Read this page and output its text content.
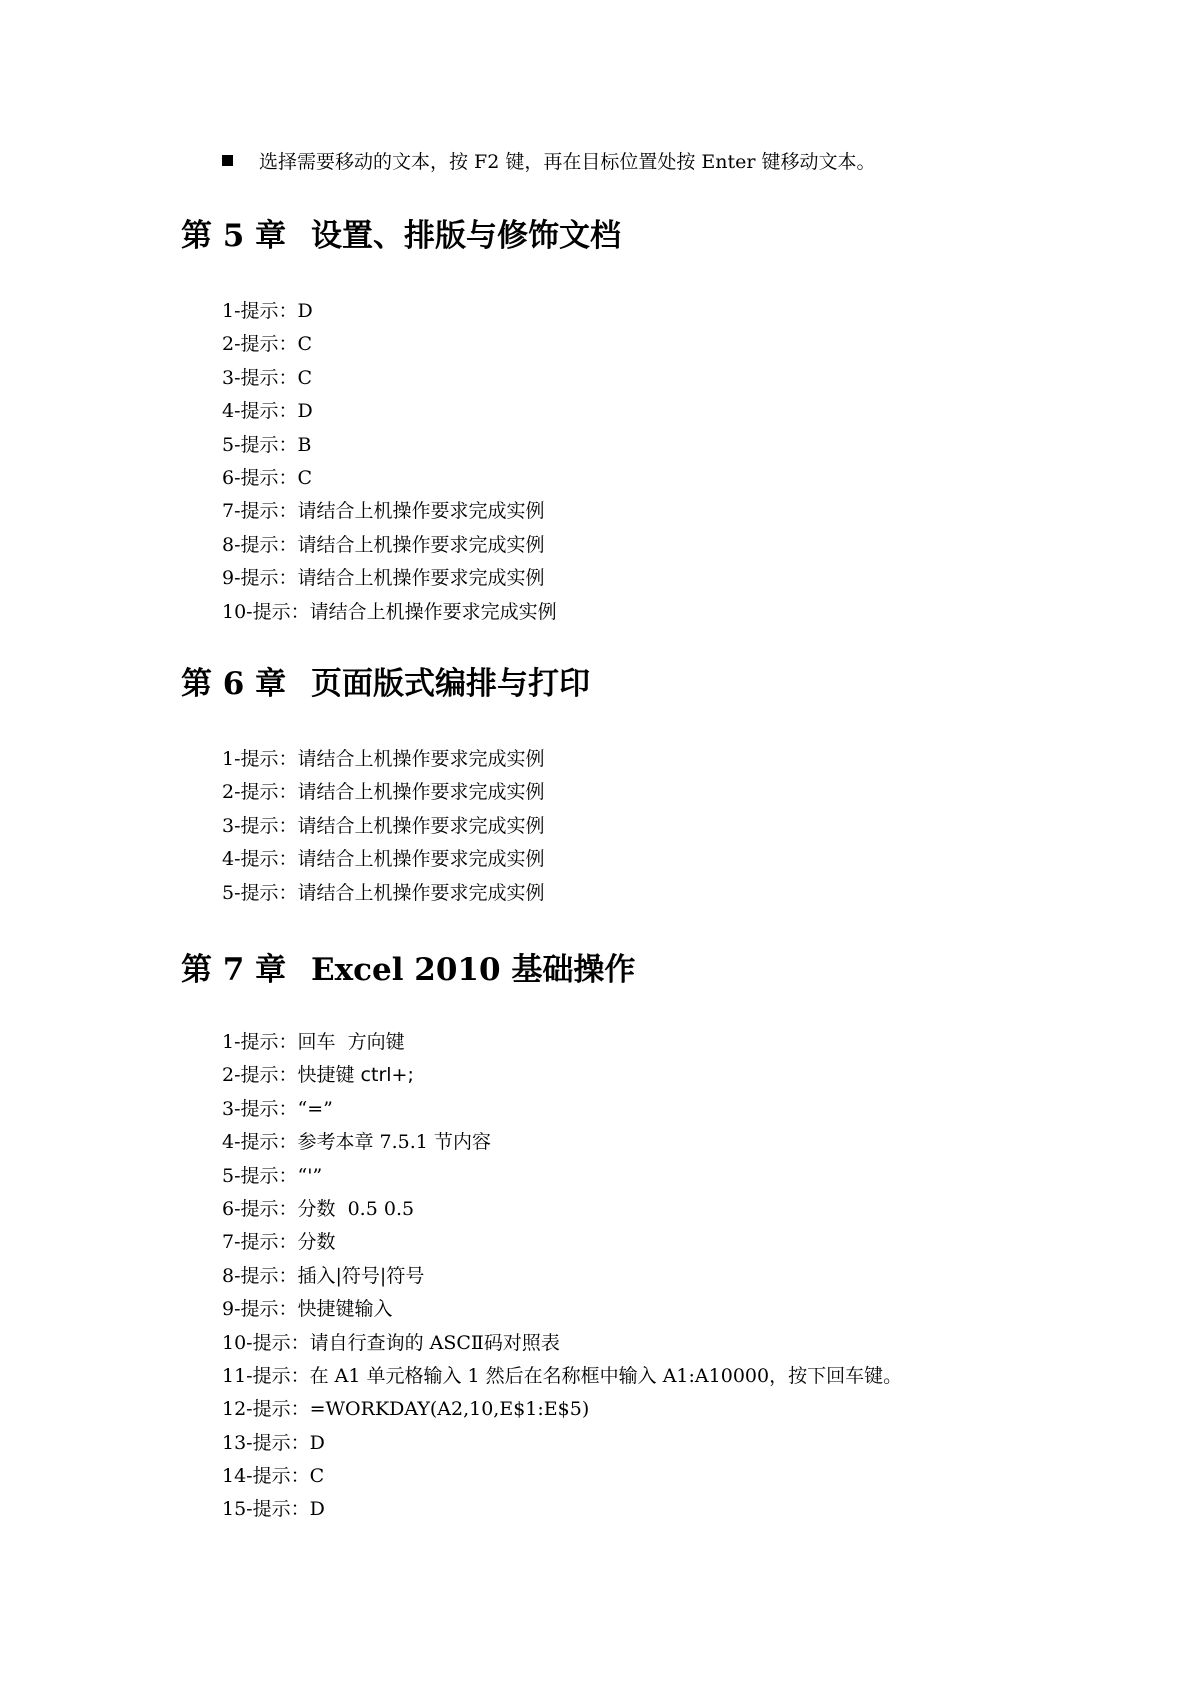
选择需要移动的文本，按 F2 键，再在目标位置处按 Enter 键移动文本。
第 5 章 设置、排版与修饰文档
1-提示：D
2-提示：C
3-提示：C
4-提示：D
5-提示：B
6-提示：C
7-提示：请结合上机操作要求完成实例
8-提示：请结合上机操作要求完成实例
9-提示：请结合上机操作要求完成实例
10-提示：请结合上机操作要求完成实例
第 6 章 页面版式编排与打印
1-提示：请结合上机操作要求完成实例
2-提示：请结合上机操作要求完成实例
3-提示：请结合上机操作要求完成实例
4-提示：请结合上机操作要求完成实例
5-提示：请结合上机操作要求完成实例
第 7 章 Excel 2010 基础操作
1-提示：回车  方向键
2-提示：快捷键 ctrl+;
3-提示：“=”
4-提示：参考本章 7.5.1 节内容
5-提示：“'”
6-提示：分数  0.5 0.5
7-提示：分数
8-提示：插入|符号|符号
9-提示：快捷键输入
10-提示：请自行查询的 ASCⅡ码对照表
11-提示：在 A1 单元格输入 1 然后在名称框中输入 A1:A10000，按下回车键。
12-提示：=WORKDAY(A2,10,E$1:E$5)
13-提示：D
14-提示：C
15-提示：D
